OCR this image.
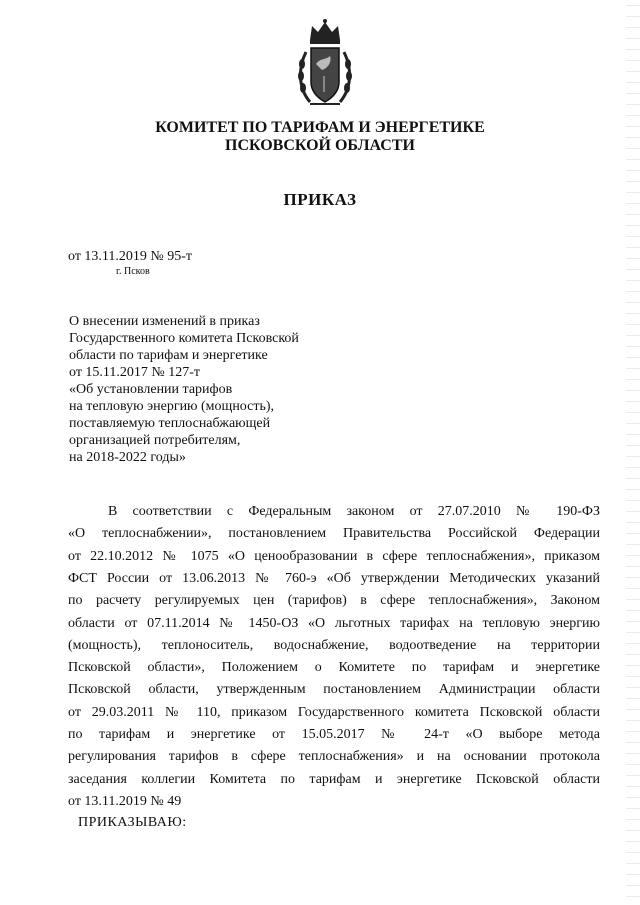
КОМИТЕТ ПО ТАРИФАМ И ЭНЕРГЕТИКЕ
ПСКОВСКОЙ ОБЛАСТИ
ПРИКАЗ
от 13.11.2019 № 95-т
г. Псков
О внесении изменений в приказ
Государственного комитета Псковской
области по тарифам и энергетике
от 15.11.2017 № 127-т
«Об установлении тарифов
на тепловую энергию (мощность),
поставляемую теплоснабжающей
организацией потребителям,
на 2018-2022 годы»
В соответствии с Федеральным законом от 27.07.2010 № 190-ФЗ
«О теплоснабжении», постановлением Правительства Российской Федерации
от 22.10.2012 № 1075 «О ценообразовании в сфере теплоснабжения», приказом
ФСТ России от 13.06.2013 № 760-э «Об утверждении Методических указаний
по расчету регулируемых цен (тарифов) в сфере теплоснабжения», Законом
области от 07.11.2014 № 1450-ОЗ «О льготных тарифах на тепловую энергию
(мощность), теплоноситель, водоснабжение, водоотведение на территории
Псковской области», Положением о Комитете по тарифам и энергетике
Псковской области, утвержденным постановлением Администрации области
от 29.03.2011 № 110, приказом Государственного комитета Псковской области
по тарифам и энергетике от 15.05.2017 № 24-т «О выборе метода
регулирования тарифов в сфере теплоснабжения» и на основании протокола
заседания коллегии Комитета по тарифам и энергетике Псковской области
от 13.11.2019 № 49
ПРИКАЗЫВАЮ:
